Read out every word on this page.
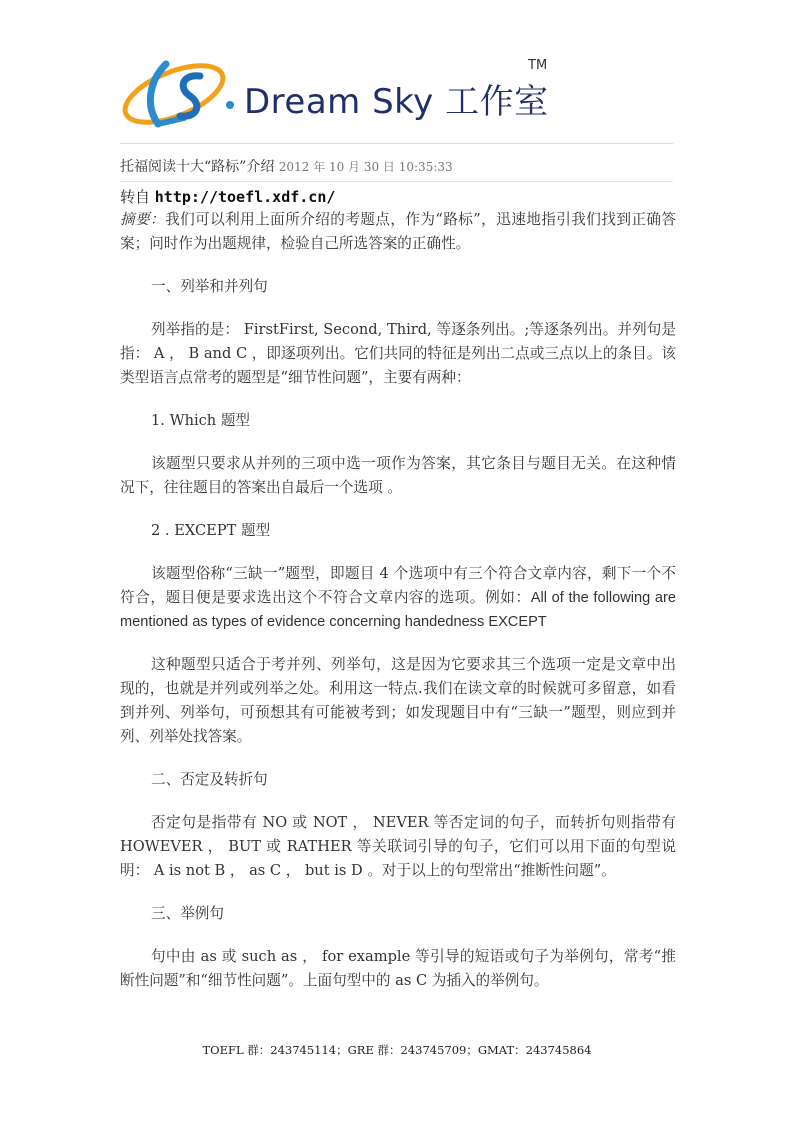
Dream Sky 工作室
TM
托福阅读十大“路标”介绍 2012 年 10 月 30 日 10:35:33
转自 http://toefl.xdf.cn/

摘要：我们可以利用上面所介绍的考题点，作为“路标”，迅速地指引我们找到正确答案；问时作为出题规律，检验自己所选答案的正确性。

一、列举和并列句

列举指的是： FirstFirst, Second, Third, 等逐条列出。;等逐条列出。并列句是指： A ， B and C ，即逐项列出。它们共同的特征是列出二点或三点以上的条目。该类型语言点常考的题型是“细节性问题”，主要有两种：

1. Which 题型

该题型只要求从并列的三项中选一项作为答案，其它条目与题目无关。在这种情况下，往往题目的答案出自最后一个选项 。

2 . EXCEPT 题型

该题型俗称“三缺一”题型，即题目 4 个选项中有三个符合文章内容，剩下一个不符合，题目便是要求选出这个不符合文章内容的选项。例如：All of the following are mentioned as types of evidence concerning handedness EXCEPT

这种题型只适合于考并列、列举句，这是因为它要求其三个选项一定是文章中出现的，也就是并列或列举之处。利用这一特点.我们在读文章的时候就可多留意，如看到并列、列举句，可预想其有可能被考到；如发现题目中有“三缺一”题型，则应到并列、列举处找答案。

二、否定及转折句

否定句是指带有 NO 或 NOT ， NEVER 等否定词的句子，而转折句则指带有 HOWEVER ， BUT 或 RATHER 等关联词引导的句子，它们可以用下面的句型说明： A is not B ， as C ， but is D 。对于以上的句型常出“推断性问题”。

三、举例句

句中由 as 或 such as ， for example 等引导的短语或句子为举例句，常考“推断性问题”和“细节性问题”。上面句型中的 as C 为插入的举例句。

TOEFL 群：243745114；GRE 群：243745709；GMAT：243745864
